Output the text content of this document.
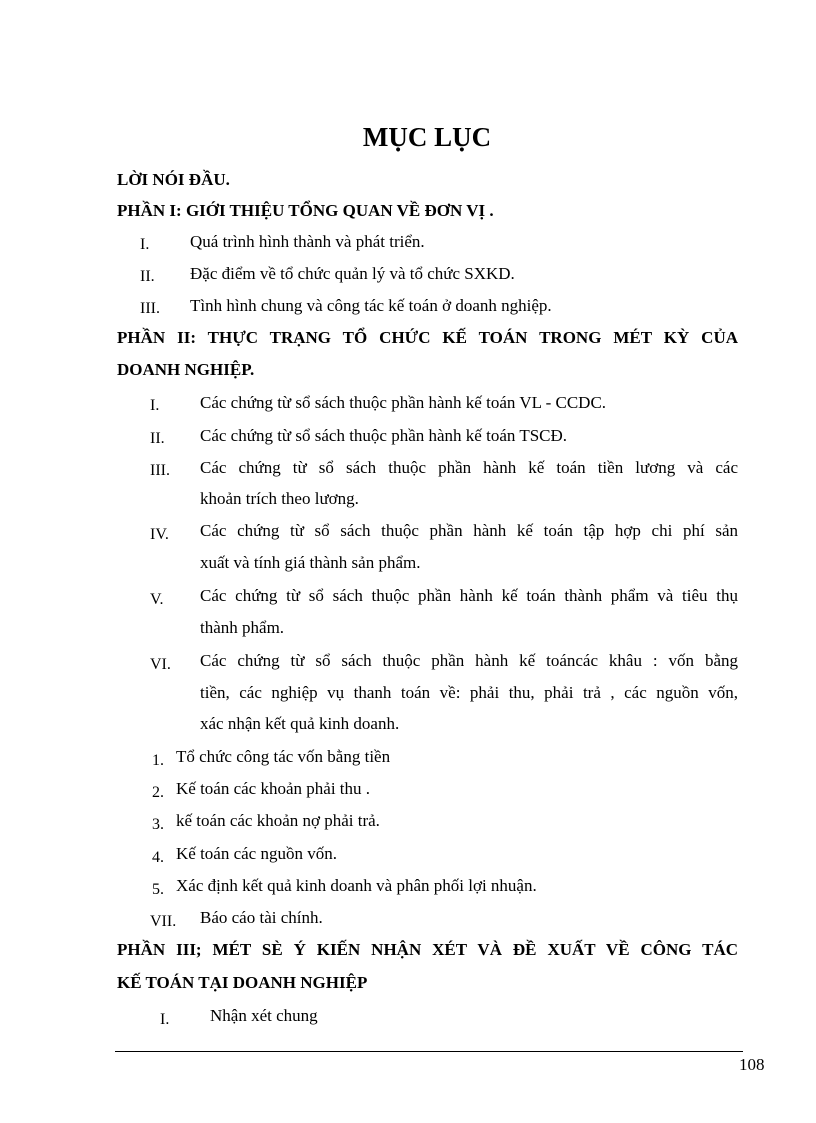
MỤC LỤC
LỜI NÓI ĐẦU.
PHẦN I: GIỚI THIỆU TỔNG QUAN VỀ ĐƠN VỊ .
I. Quá trình hình thành và phát triển.
II. Đặc điểm về tổ chức quản lý và tổ chức SXKD.
III. Tình hình chung và công tác kế toán ở doanh nghiệp.
PHẦN II: THỰC TRẠNG TỔ CHỨC KẾ TOÁN TRONG MÉT KỲ CỦA
DOANH NGHIỆP.
I. Các chứng từ sổ sách thuộc phần hành kế toán VL - CCDC.
II. Các chứng từ sổ sách thuộc phần hành kế toán TSCĐ.
III. Các chứng từ sổ sách thuộc phần hành kế toán tiền lương và các
khoản trích theo lương.
IV. Các chứng từ sổ sách thuộc phần hành kế toán tập hợp chi phí sản
xuất và tính giá thành sản phẩm.
V. Các chứng từ sổ sách thuộc phần hành kế toán thành phẩm và tiêu thụ
thành phẩm.
VI. Các chứng từ sổ sách thuộc phần hành kế toáncác khâu : vốn bằng
tiền, các nghiệp vụ thanh toán về: phải thu, phải trả , các nguồn vốn,
xác nhận kết quả kinh doanh.
1. Tổ chức công tác vốn bằng tiền
2. Kế toán các khoản phải thu .
3. kế toán các khoản nợ phải trả.
4. Kế toán các nguồn vốn.
5. Xác định kết quả kinh doanh và phân phối lợi nhuận.
VII. Báo cáo tài chính.
PHẦN III; MÉT SÈ Ý KIẾN NHẬN XÉT VÀ ĐỀ XUẤT VỀ CÔNG TÁC
KẾ TOÁN TẠI DOANH NGHIỆP
I. Nhận xét chung
108
